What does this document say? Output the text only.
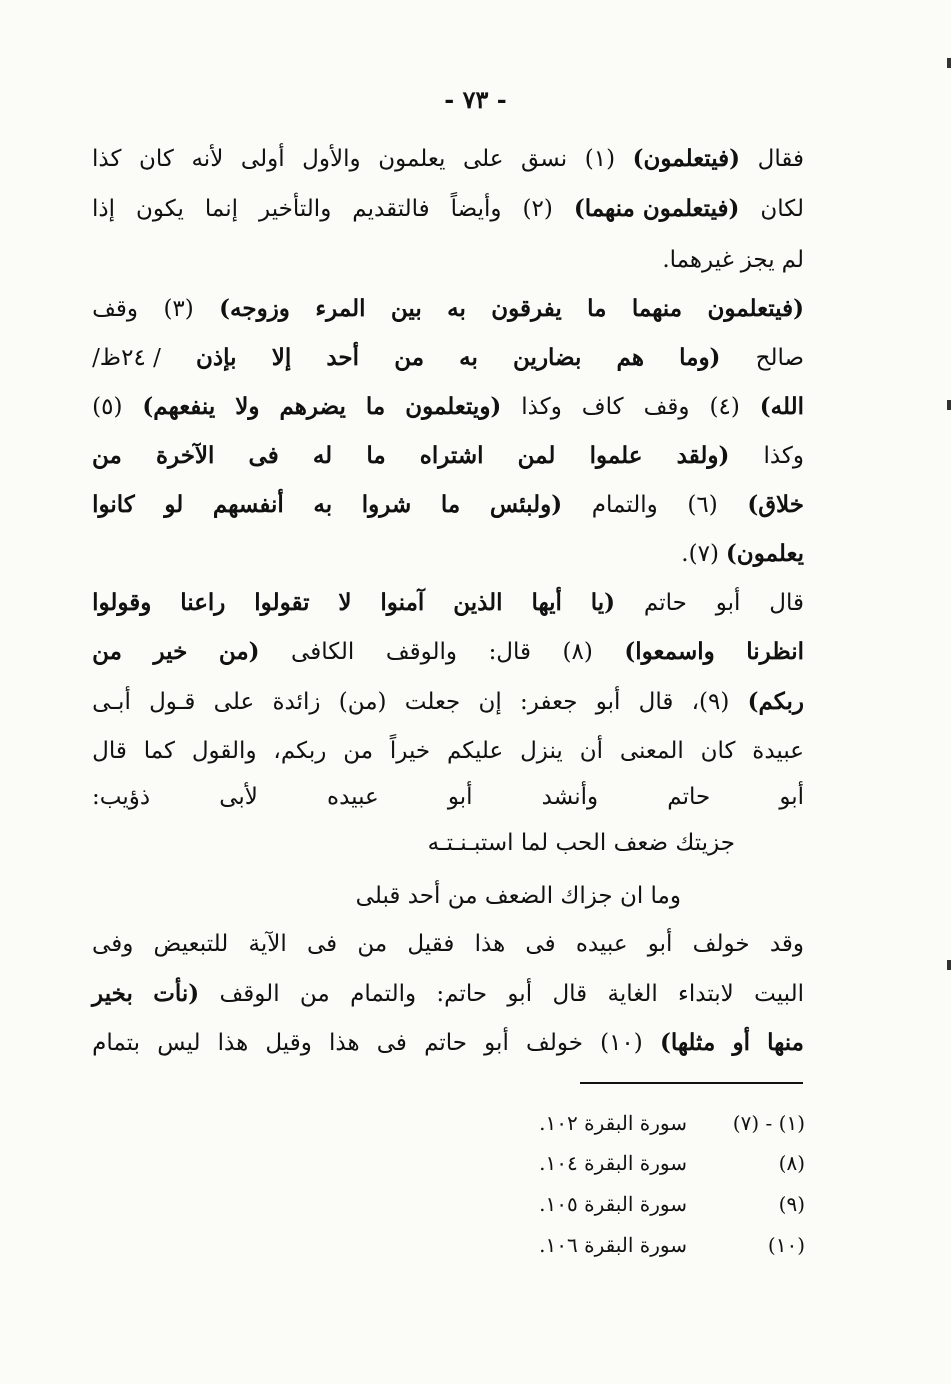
- ٧٣ -
فقال
(فيتعلمون)
(١)
نسق
على
يعلمون
والأول
أولى
لأنه
كان
كذا
لكان
(فيتعلمون منهما)
(٢)
وأيضاً
فالتقديم
والتأخير
إنما
يكون
إذا
لم
يجز
غيرهما.
(فيتعلمون
منهما
ما
يفرقون
به
بين
المرء
وزوجه)
(٣)
وقف
صالح
(وما
هم
بضارين
به
من
أحد
إلا
بإذن
/ ٢٤ظ/
الله)
(٤)
وقف
كاف
وكذا
(ويتعلمون
ما
يضرهم
ولا
ينفعهم)
(٥)
وكذا
(ولقد
علموا
لمن
اشتراه
ما
له
فى
الآخرة
من
خلاق)
(٦)
والتمام
(ولبئس
ما
شروا
به
أنفسهم
لو
كانوا
يعلمون)
(٧).
قال
أبو
حاتم
(يا
أيها
الذين
آمنوا
لا
تقولوا
راعنا
وقولوا
انظرنا
واسمعوا)
(٨)
قال:
والوقف
الكافى
(من
خير
من
ربكم)
(٩)،
قال
أبو
جعفر:
إن
جعلت
(من)
زائدة
على
قـول
أبـى
عبيدة
كان
المعنى
أن
ينزل
عليكم
خيراً
من
ربكم،
والقول
كما
قال
أبو
حاتم
وأنشد
أبو
عبيده
لأبى
ذؤيب:
وقد
خولف
أبو
عبيده
فى
هذا
فقيل
من
فى
الآية
للتبعيض
وفى
البيت
لابتداء
الغاية
قال
أبو
حاتم:
والتمام
من
الوقف
(نأت
بخير
منها
أو
مثلها)
(١٠)
خولف
أبو
حاتم
فى
هذا
وقيل
هذا
ليس
بتمام
جزيتك ضعف الحب لما استبـنـتـه
وما ان جزاك الضعف من أحد قبلى
(١) - (٧)سورة البقرة ١٠٢.
(٨)سورة البقرة ١٠٤.
(٩)سورة البقرة ١٠٥.
(١٠)سورة البقرة ١٠٦.
